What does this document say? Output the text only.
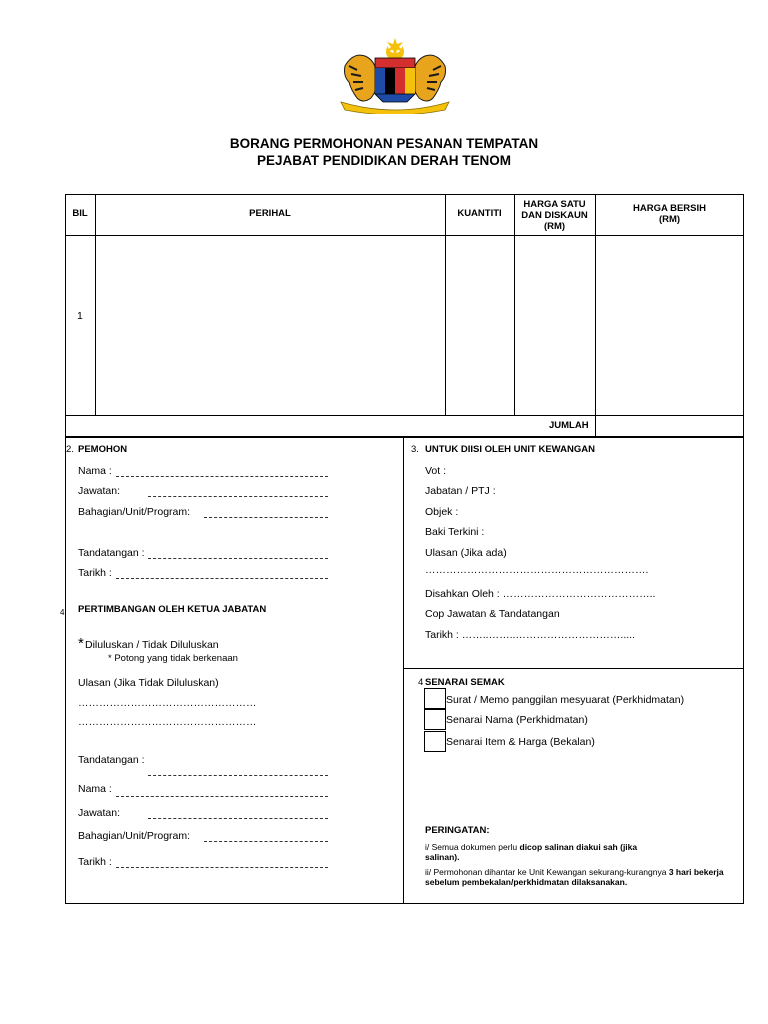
BORANG PERMOHONAN PESANAN TEMPATAN
PEJABAT PENDIDIKAN DERAH TENOM
BIL	PERIHAL	KUANTITI
HARGA SATU
DAN DISKAUN
(RM)
HARGA BERSIH
(RM)
1
JUMLAH
2. PEMOHON
Nama :
Jawatan:
Bahagian/Unit/Program:
Tandatangan :
Tarikh :
3. UNTUK DIISI OLEH UNIT KEWANGAN
Vot :
Jabatan / PTJ :
Objek :
Baki Terkini :
Ulasan (Jika ada)
……………………………………………………….
Disahkan Oleh : ……………………………………..
Cop Jawatan & Tandatangan
Tarikh : ……..……..………………………….....
4 PERTIMBANGAN OLEH KETUA JABATAN
* Diluluskan / Tidak Diluluskan
* Potong yang tidak berkenaan
Ulasan (Jika Tidak Diluluskan)
……………………………………………
……………………………………………
Tandatangan :
Nama :
Jawatan:
Bahagian/Unit/Program:
Tarikh :
4 SENARAI SEMAK
Surat / Memo panggilan mesyuarat (Perkhidmatan)
Senarai Nama (Perkhidmatan)
Senarai Item & Harga (Bekalan)
PERINGATAN:
i/ Semua dokumen perlu dicop salinan diakui sah (jika
salinan).
ii/ Permohonan dihantar ke Unit Kewangan sekurang-kurangnya 3 hari bekerja
sebelum pembekalan/perkhidmatan dilaksanakan.
